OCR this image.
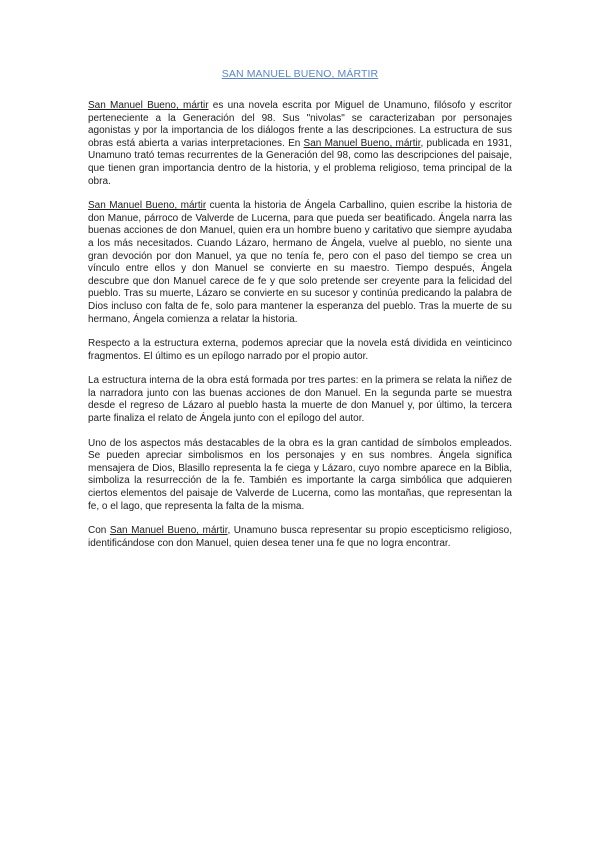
SAN MANUEL BUENO, MÁRTIR

San Manuel Bueno, mártir es una novela escrita por Miguel de Unamuno, filósofo y escritor perteneciente a la Generación del 98. Sus "nivolas" se caracterizaban por personajes agonistas y por la importancia de los diálogos frente a las descripciones. La estructura de sus obras está abierta a varias interpretaciones. En San Manuel Bueno, mártir, publicada en 1931, Unamuno trató temas recurrentes de la Generación del 98, como las descripciones del paisaje, que tienen gran importancia dentro de la historia, y el problema religioso, tema principal de la obra.

San Manuel Bueno, mártir cuenta la historia de Ángela Carballino, quien escribe la historia de don Manue, párroco de Valverde de Lucerna, para que pueda ser beatificado. Ángela narra las buenas acciones de don Manuel, quien era un hombre bueno y caritativo que siempre ayudaba a los más necesitados. Cuando Lázaro, hermano de Ángela, vuelve al pueblo, no siente una gran devoción por don Manuel, ya que no tenía fe, pero con el paso del tiempo se crea un vínculo entre ellos y don Manuel se convierte en su maestro. Tiempo después, Ángela descubre que don Manuel carece de fe y que solo pretende ser creyente para la felicidad del pueblo. Tras su muerte, Lázaro se convierte en su sucesor y continúa predicando la palabra de Dios incluso con falta de fe, solo para mantener la esperanza del pueblo. Tras la muerte de su hermano, Ángela comienza a relatar la historia.

Respecto a la estructura externa, podemos apreciar que la novela está dividida en veinticinco fragmentos. El último es un epílogo narrado por el propio autor.

La estructura interna de la obra está formada por tres partes: en la primera se relata la niñez de la narradora junto con las buenas acciones de don Manuel. En la segunda parte se muestra desde el regreso de Lázaro al pueblo hasta la muerte de don Manuel y, por último, la tercera parte finaliza el relato de Ángela junto con el epílogo del autor.

Uno de los aspectos más destacables de la obra es la gran cantidad de símbolos empleados. Se pueden apreciar simbolismos en los personajes y en sus nombres. Ángela significa mensajera de Dios, Blasillo representa la fe ciega y Lázaro, cuyo nombre aparece en la Biblia, simboliza la resurrección de la fe. También es importante la carga simbólica que adquieren ciertos elementos del paisaje de Valverde de Lucerna, como las montañas, que representan la fe, o el lago, que representa la falta de la misma.

Con San Manuel Bueno, mártir, Unamuno busca representar su propio escepticismo religioso, identificándose con don Manuel, quien desea tener una fe que no logra encontrar.
